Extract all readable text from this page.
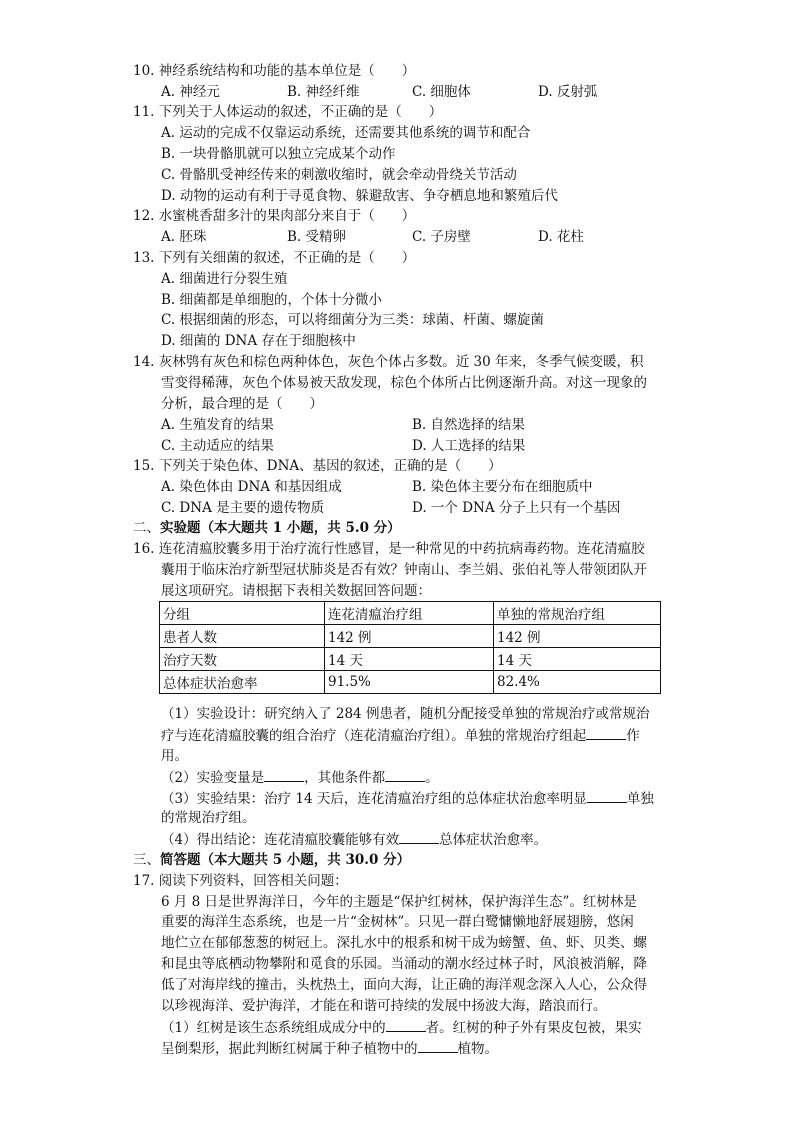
10. 神经系统结构和功能的基本单位是（　　）
A. 神经元	B. 神经纤维	C. 细胞体	D. 反射弧
11. 下列关于人体运动的叙述，不正确的是（　　）
A. 运动的完成不仅靠运动系统，还需要其他系统的调节和配合
B. 一块骨骼肌就可以独立完成某个动作
C. 骨骼肌受神经传来的刺激收缩时，就会牵动骨绕关节活动
D. 动物的运动有利于寻觅食物、躲避敌害、争夺栖息地和繁殖后代
12. 水蜜桃香甜多汁的果肉部分来自于（　　）
A. 胚珠	B. 受精卵	C. 子房壁	D. 花柱
13. 下列有关细菌的叙述，不正确的是（　　）
A. 细菌进行分裂生殖
B. 细菌都是单细胞的，个体十分微小
C. 根据细菌的形态，可以将细菌分为三类：球菌、杆菌、螺旋菌
D. 细菌的 DNA 存在于细胞核中
14. 灰林鸮有灰色和棕色两种体色，灰色个体占多数。近 30 年来，冬季气候变暖，积
雪变得稀薄，灰色个体易被天敌发现，棕色个体所占比例逐渐升高。对这一现象的
分析，最合理的是（　　）
A. 生殖发育的结果	B. 自然选择的结果
C. 主动适应的结果	D. 人工选择的结果
15. 下列关于染色体、DNA、基因的叙述，正确的是（　　）
A. 染色体由 DNA 和基因组成	B. 染色体主要分布在细胞质中
C. DNA 是主要的遗传物质	D. 一个 DNA 分子上只有一个基因
二、实验题（本大题共 1 小题，共 5.0 分）
16. 连花清瘟胶囊多用于治疗流行性感冒，是一种常见的中药抗病毒药物。连花清瘟胶
囊用于临床治疗新型冠状肺炎是否有效？钟南山、李兰娟、张伯礼等人带领团队开
展这项研究。请根据下表相关数据回答问题：
分组	连花清瘟治疗组	单独的常规治疗组
患者人数	142 例	142 例
治疗天数	14 天	14 天
总体症状治愈率	91.5%	82.4%
（1）实验设计：研究纳入了 284 例患者，随机分配接受单独的常规治疗或常规治
疗与连花清瘟胶囊的组合治疗（连花清瘟治疗组）。单独的常规治疗组起	作
用。
（2）实验变量是	，其他条件都	。
（3）实验结果：治疗 14 天后，连花清瘟治疗组的总体症状治愈率明显	单独
的常规治疗组。
（4）得出结论：连花清瘟胶囊能够有效	总体症状治愈率。
三、简答题（本大题共 5 小题，共 30.0 分）
17. 阅读下列资料，回答相关问题：
6 月 8 日是世界海洋日，今年的主题是“保护红树林，保护海洋生态”。红树林是
重要的海洋生态系统，也是一片“金树林”。只见一群白鹭慵懒地舒展翅膀，悠闲
地伫立在郁郁葱葱的树冠上。深扎水中的根系和树干成为螃蟹、鱼、虾、贝类、螺
和昆虫等底栖动物攀附和觅食的乐园。当涌动的潮水经过林子时，风浪被消解，降
低了对海岸线的撞击，头枕热土，面向大海，让正确的海洋观念深入人心，公众得
以珍视海洋、爱护海洋，才能在和谐可持续的发展中扬波大海，踏浪而行。
（1）红树是该生态系统组成成分中的	者。红树的种子外有果皮包被，果实
呈倒梨形，据此判断红树属于种子植物中的	植物。
